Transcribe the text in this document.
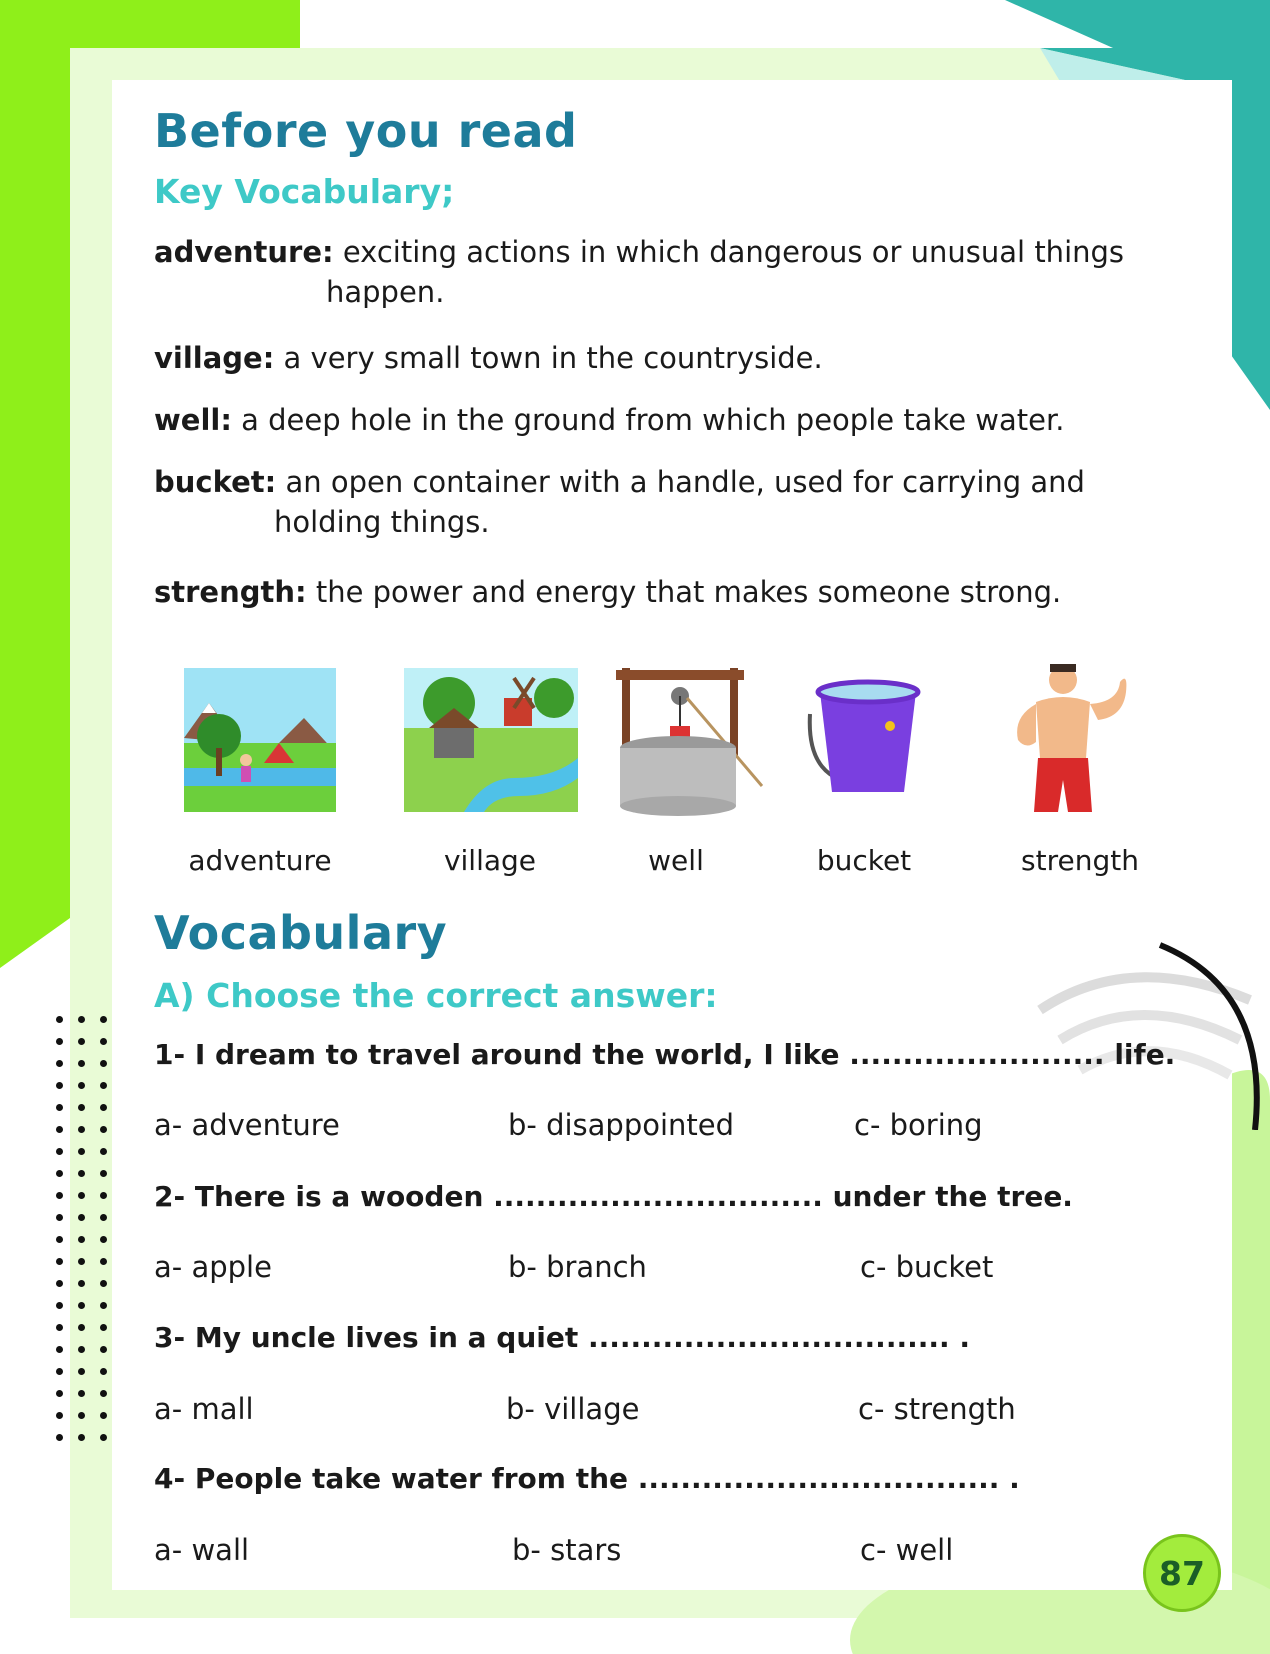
Before you read
Key Vocabulary;
adventure: exciting actions in which dangerous or unusual things
happen.
village: a very small town in the countryside.
well: a deep hole in the ground from which people take water.
bucket: an open container with a handle, used for carrying and
holding things.
strength: the power and energy that makes someone strong.
adventure	village	well	bucket	strength
Vocabulary
A) Choose the correct answer:
1- I dream to travel around the world, I like ........................ life.
a- adventure	b- disappointed	c- boring
2- There is a wooden ............................... under the tree.
a- apple	b- branch	c- bucket
3- My uncle lives in a quiet .................................. .
a- mall	b- village	c- strength
4- People take water from the .................................. .
a- wall	b- stars	c- well
87
